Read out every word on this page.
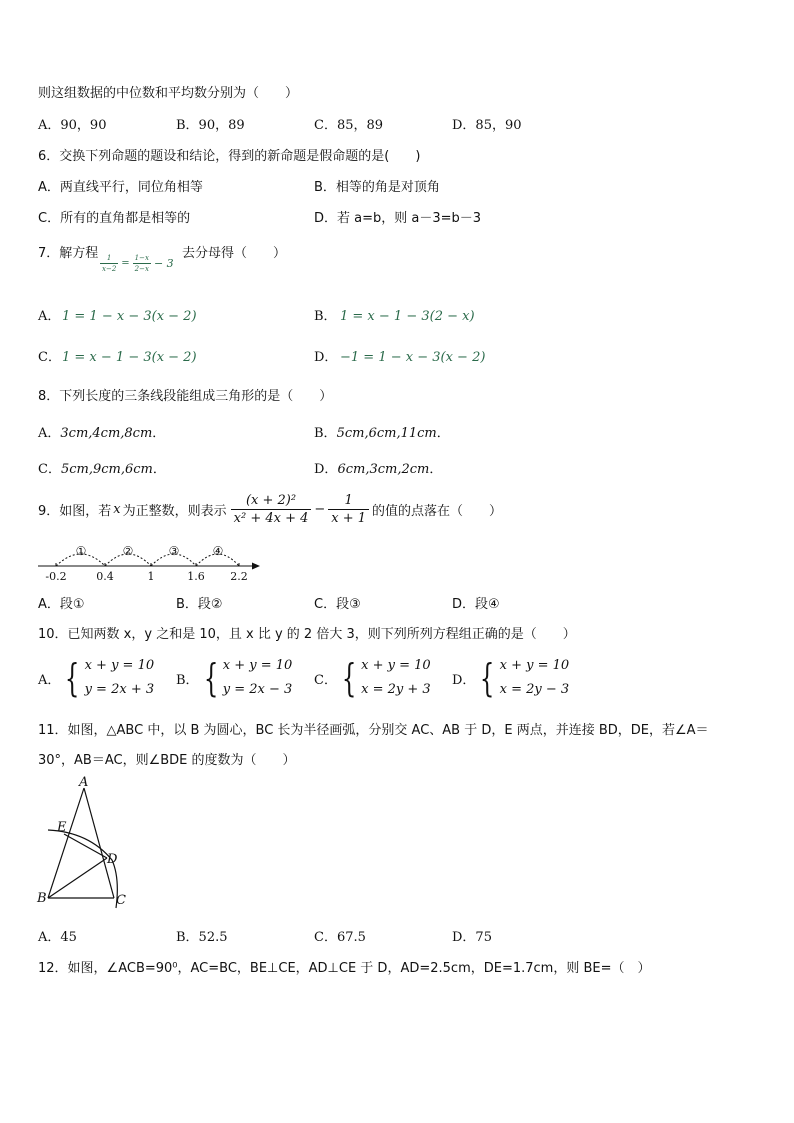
则这组数据的中位数和平均数分别为（　　）
A．90，90	B．90，89	C．85，89	D．85，90
6．交换下列命题的题设和结论，得到的新命题是假命题的是(　　)
A．两直线平行，同位角相等	B．相等的角是对顶角
C．所有的直角都是相等的	D．若 a=b，则 a－3=b－3
7．解方程 $\frac{1}{x-2} = \frac{1-x}{2-x} - 3$
去分母得（　　）
A． 1 = 1 − x − 3(x − 2)	B． 1 = x − 1 − 3(2 − x)
C． 1 = x − 1 − 3(x − 2)	D． −1 = 1 − x − 3(x − 2)
8．下列长度的三条线段能组成三角形的是（　　）
A．3cm,4cm,8cm．	B．5cm,6cm,11cm．
C．5cm,9cm,6cm．	D．6cm,3cm,2cm．
9．如图，若 x 为正整数，则表示 $\frac{\text{(x + 2)²}}{\text{x² + 4x + 4}} - \frac{1}{x + 1}$ 的值的点落在（　　）
①	②	③	④
-0.2	0.4	1	1.6 2.2
A．段①	B．段②	C．段③	D．段④
10．已知两数 x，y 之和是 10，且 x 比 y 的 2 倍大 3，则下列所列方程组正确的是（　　）
A． { x + y = 10
y = 2x + 3
B． { x + y = 10
y = 2x − 3
C． { x + y = 10
x = 2y + 3
D． { x + y = 10
x = 2y − 3
11．如图，△ABC 中，以 B 为圆心，BC 长为半径画弧，分别交 AC、AB 于 D，E 两点，并连接 BD，DE，若∠A＝
30°，AB＝AC，则∠BDE 的度数为（　　）
A
B	C
D
E
A．45	B．52.5	C．67.5	D．75
12．如图，∠ACB=90⁰，AC=BC，BE⊥CE，AD⊥CE 于 D，AD=2.5cm，DE=1.7cm，则 BE=（　）
